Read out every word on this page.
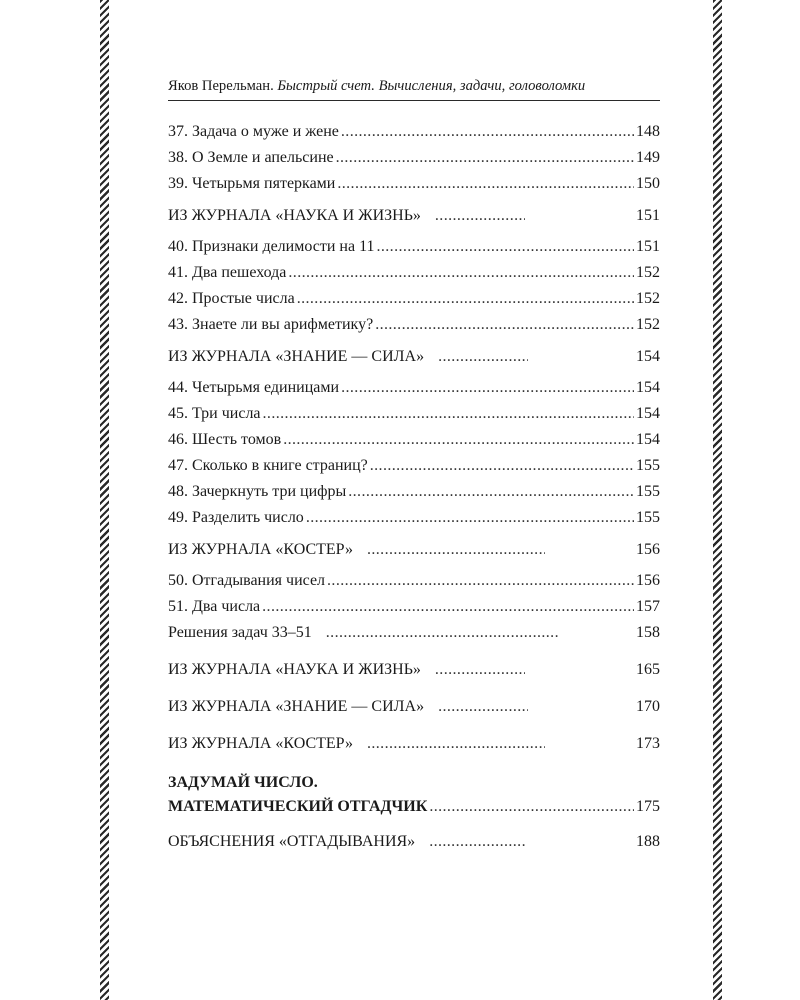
Яков Перельман. Быстрый счет. Вычисления, задачи, головоломки
37. Задача о муже и жене .....	148
38. О Земле и апельсине .....	149
39. Четырьмя пятерками .....	150
ИЗ ЖУРНАЛА «НАУКА И ЖИЗНЬ» .....	151
40. Признаки делимости на 11 .....	151
41. Два пешехода .....	152
42. Простые числа .....	152
43. Знаете ли вы арифметику? .....	152
ИЗ ЖУРНАЛА «ЗНАНИЕ — СИЛА» .....	154
44. Четырьмя единицами .....	154
45. Три числа .....	154
46. Шесть томов .....	154
47. Сколько в книге страниц? .....	155
48. Зачеркнуть три цифры .....	155
49. Разделить число .....	155
ИЗ ЖУРНАЛА «КОСТЕР» .....	156
50. Отгадывания чисел .....	156
51. Два числа .....	157
Решения задач 33–51 .....	158
ИЗ ЖУРНАЛА «НАУКА И ЖИЗНЬ» .....	165
ИЗ ЖУРНАЛА «ЗНАНИЕ — СИЛА» .....	170
ИЗ ЖУРНАЛА «КОСТЕР» .....	173
ЗАДУМАЙ ЧИСЛО.
МАТЕМАТИЧЕСКИЙ ОТГАДЧИК .....	175
ОБЪЯСНЕНИЯ «ОТГАДЫВАНИЯ» .....	188
